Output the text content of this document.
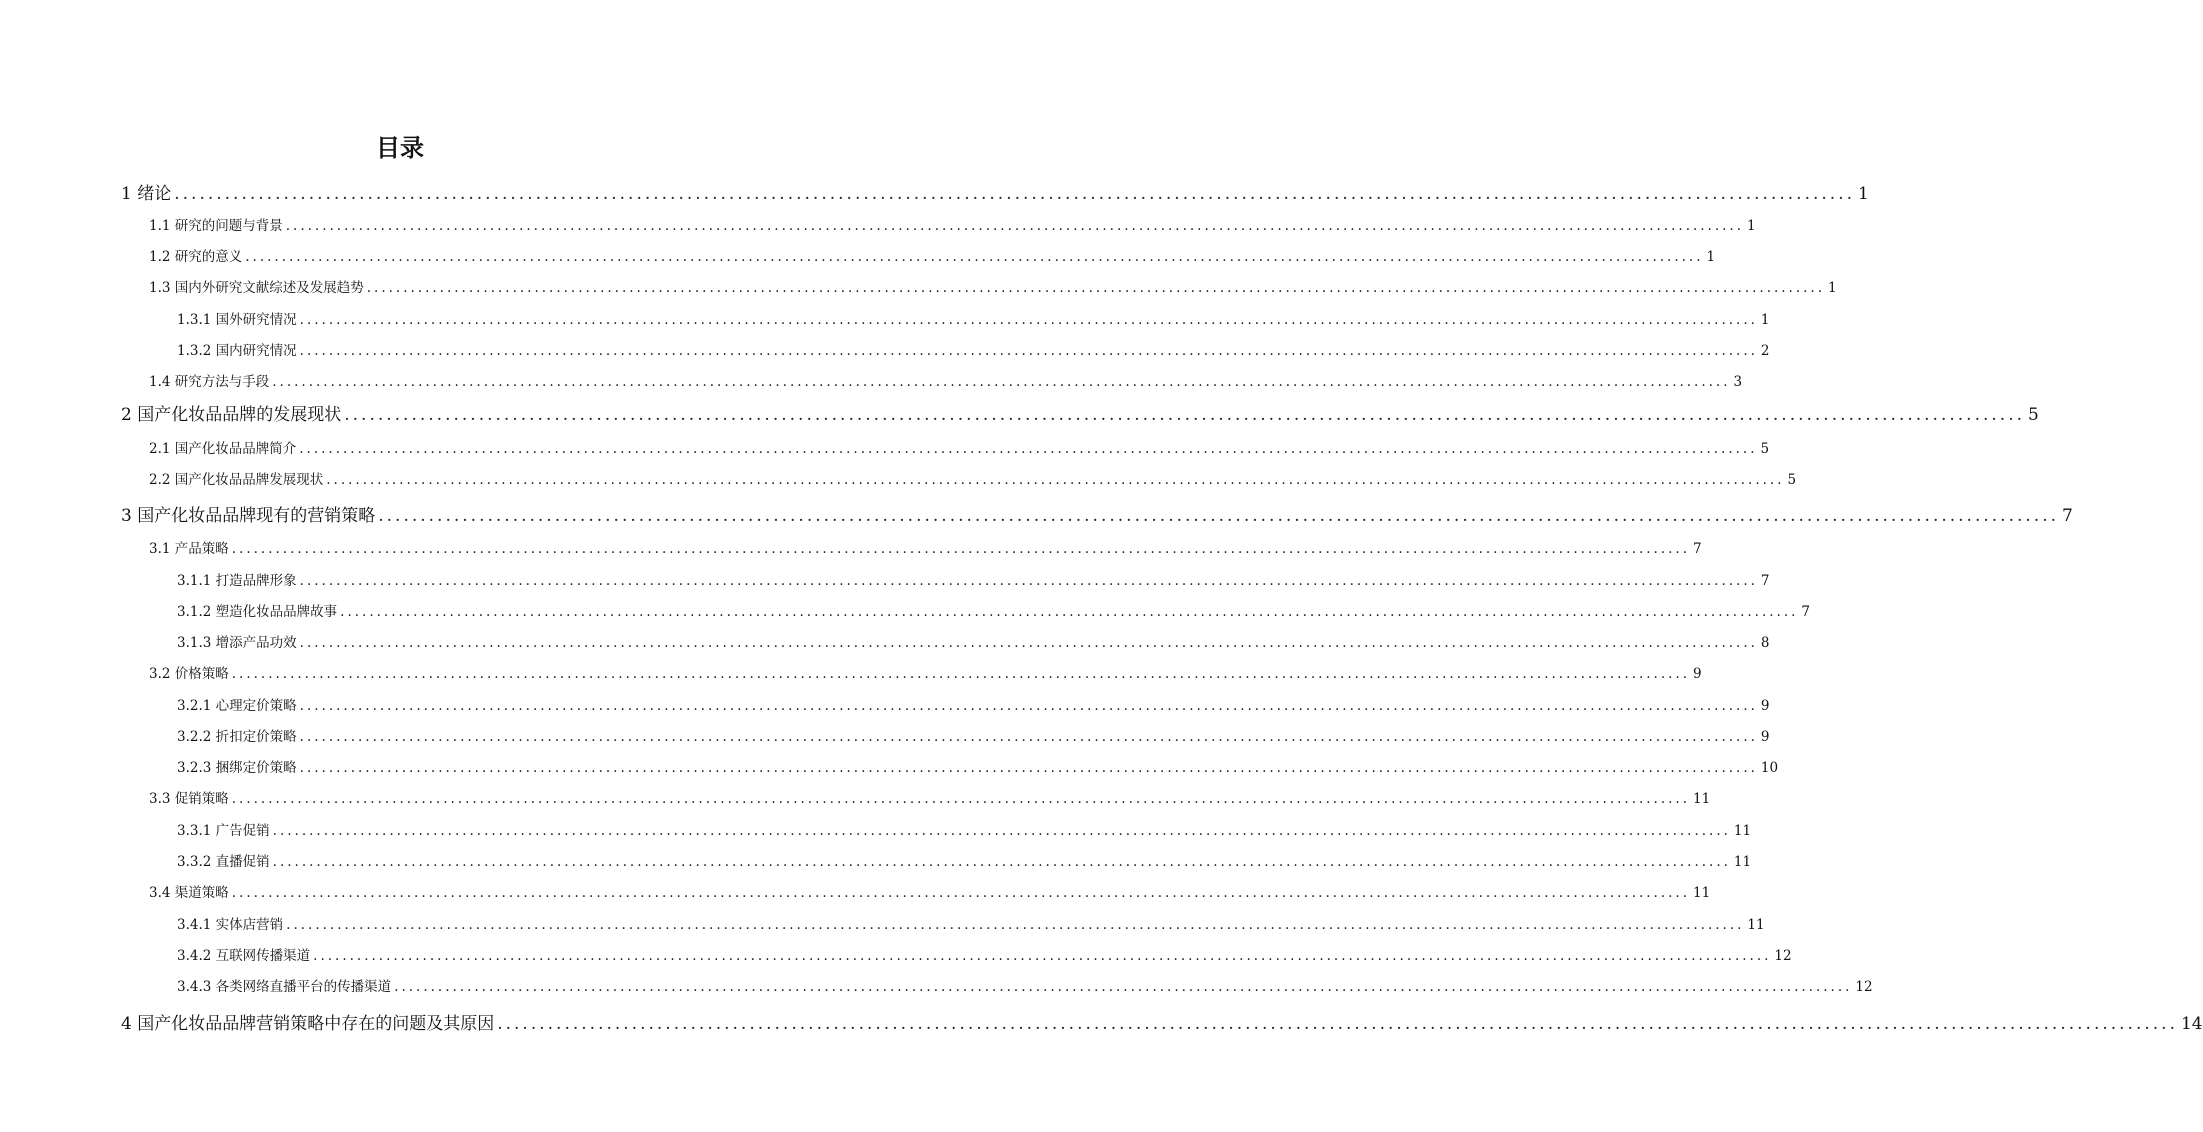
目录
1 绪论 ........................................................................................................................................................................................................ 1
1.1 研究的问题与背景 ........................................................................................................................................................................................................ 1
1.2 研究的意义 ........................................................................................................................................................................................................ 1
1.3 国内外研究文献综述及发展趋势 ........................................................................................................................................................................................................ 1
1.3.1 国外研究情况 ........................................................................................................................................................................................................ 1
1.3.2 国内研究情况 ........................................................................................................................................................................................................ 2
1.4 研究方法与手段 ........................................................................................................................................................................................................ 3
2 国产化妆品品牌的发展现状 ........................................................................................................................................................................................................ 5
2.1 国产化妆品品牌简介 ........................................................................................................................................................................................................ 5
2.2 国产化妆品品牌发展现状 ........................................................................................................................................................................................................ 5
3 国产化妆品品牌现有的营销策略 ........................................................................................................................................................................................................ 7
3.1 产品策略 ........................................................................................................................................................................................................ 7
3.1.1 打造品牌形象 ........................................................................................................................................................................................................ 7
3.1.2 塑造化妆品品牌故事 ........................................................................................................................................................................................................ 7
3.1.3 增添产品功效 ........................................................................................................................................................................................................ 8
3.2 价格策略 ........................................................................................................................................................................................................ 9
3.2.1 心理定价策略 ........................................................................................................................................................................................................ 9
3.2.2 折扣定价策略 ........................................................................................................................................................................................................ 9
3.2.3 捆绑定价策略 ........................................................................................................................................................................................................ 10
3.3 促销策略 ........................................................................................................................................................................................................ 11
3.3.1 广告促销 ........................................................................................................................................................................................................ 11
3.3.2 直播促销 ........................................................................................................................................................................................................ 11
3.4 渠道策略 ........................................................................................................................................................................................................ 11
3.4.1 实体店营销 ........................................................................................................................................................................................................ 11
3.4.2 互联网传播渠道 ........................................................................................................................................................................................................ 12
3.4.3 各类网络直播平台的传播渠道 ........................................................................................................................................................................................................ 12
4 国产化妆品品牌营销策略中存在的问题及其原因 ........................................................................................................................................................................................................ 14
